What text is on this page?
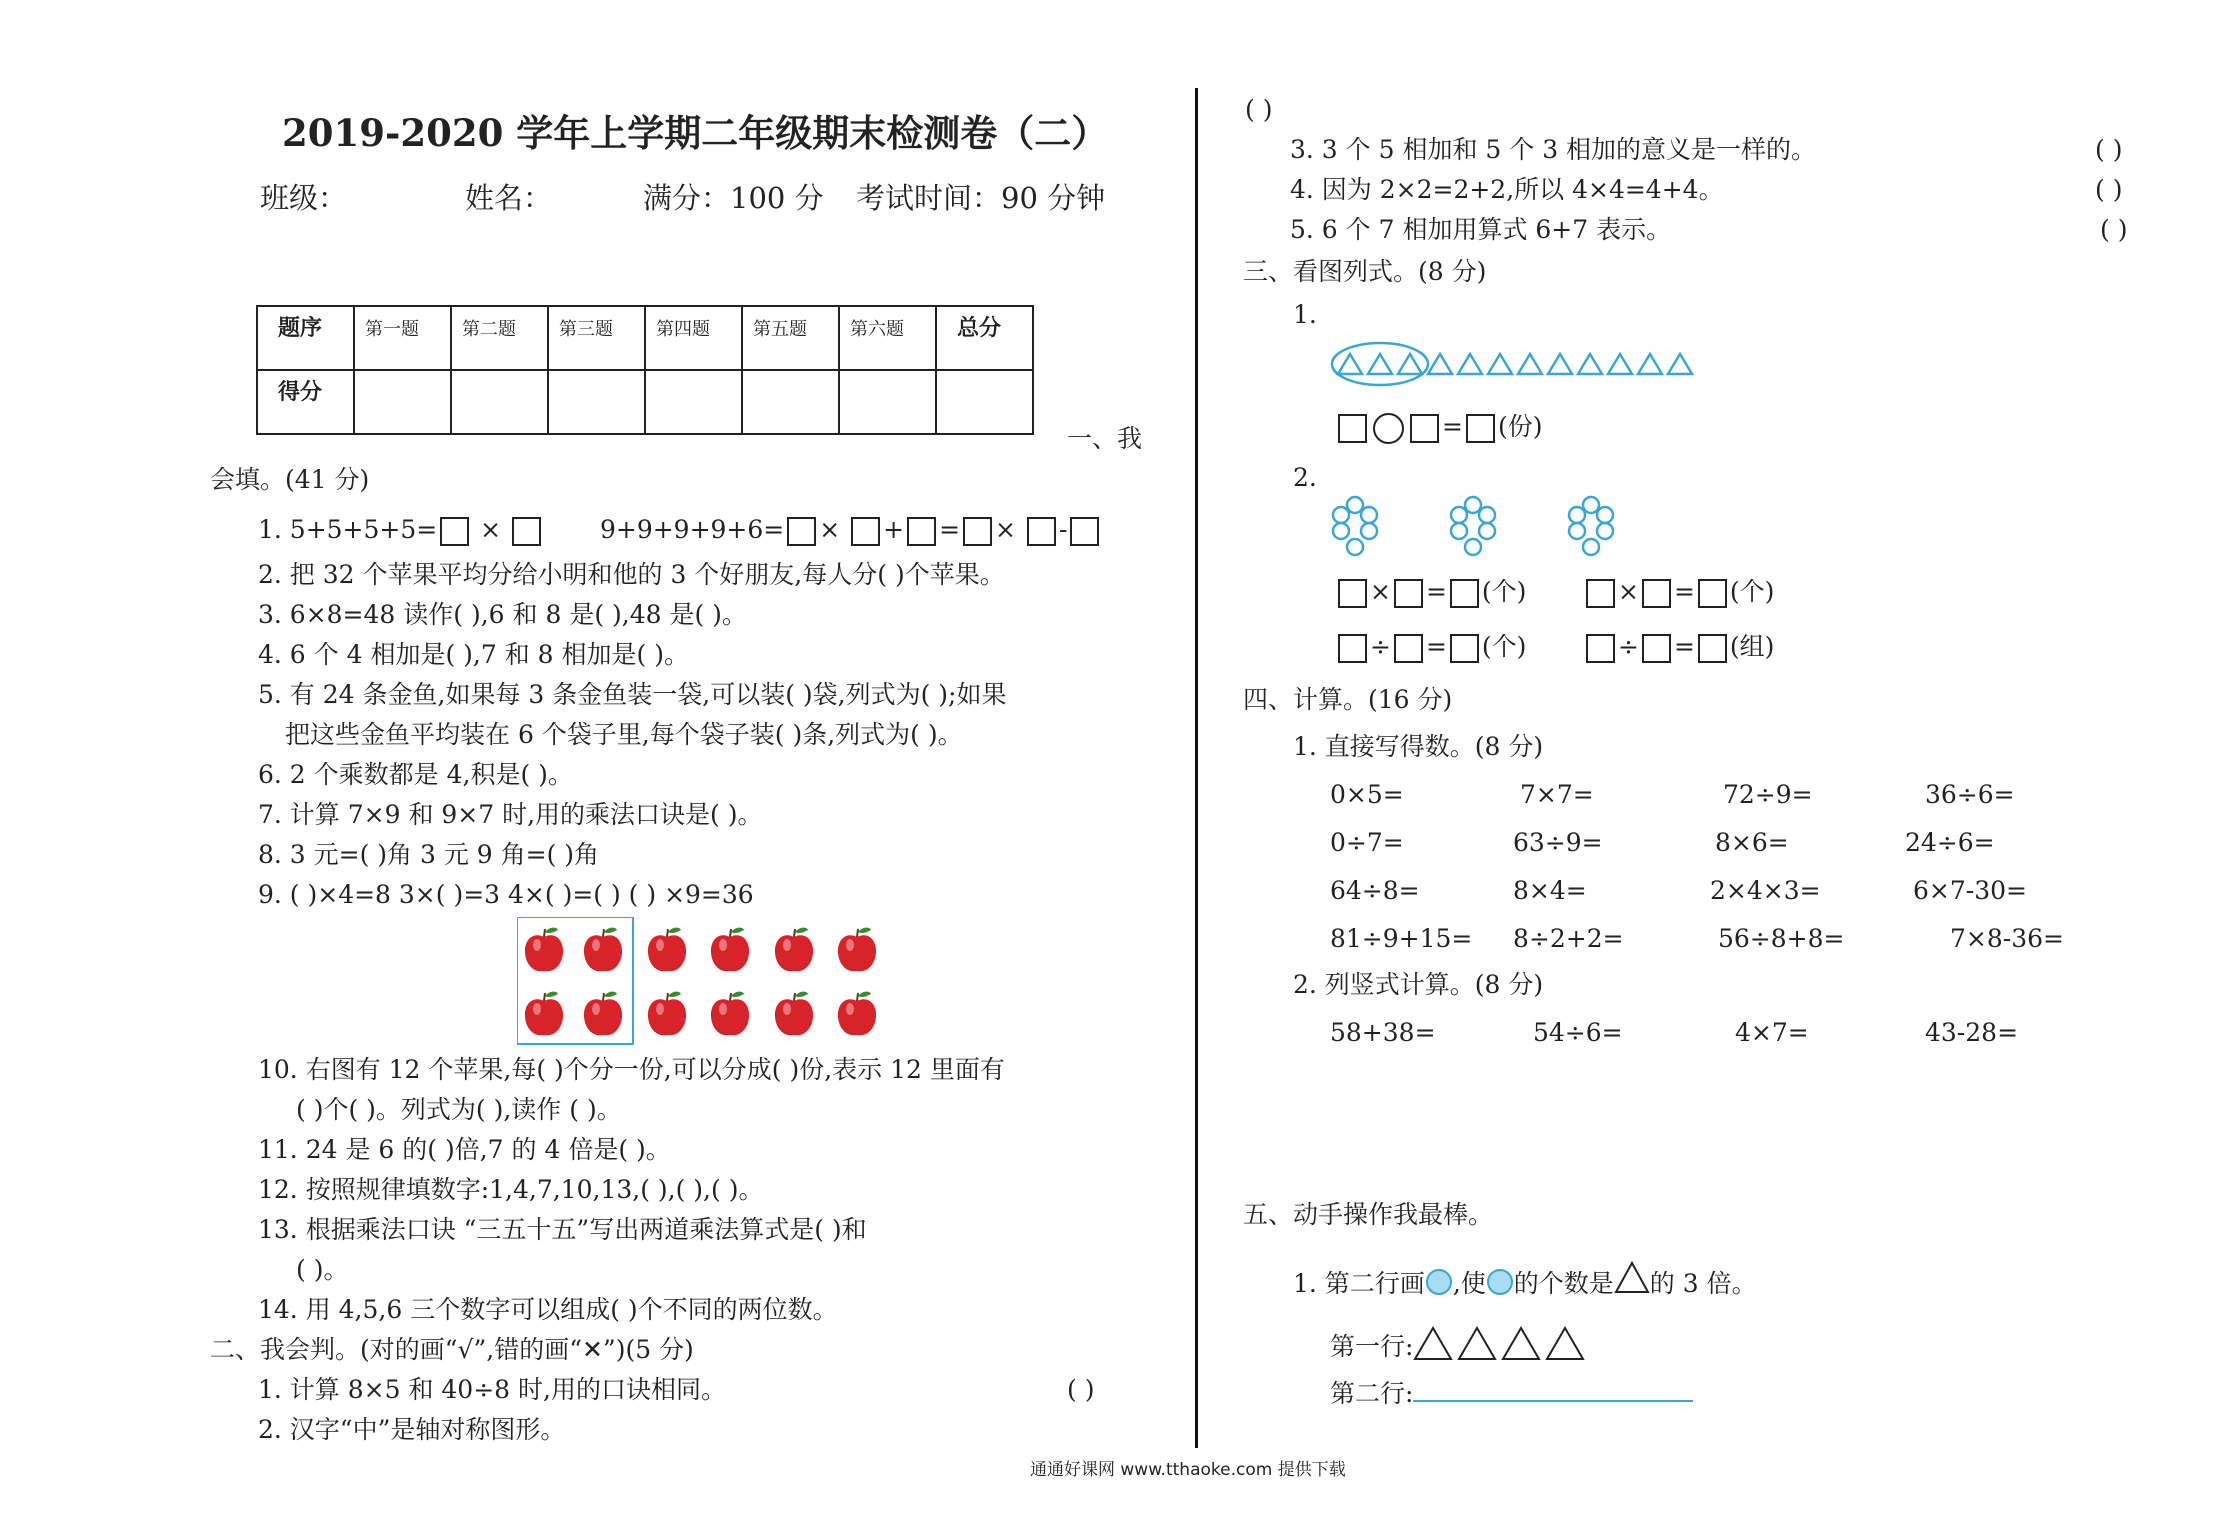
2019-2020 学年上学期二年级期末检测卷（二）
班级：	姓名：	满分：100 分 考试时间：90 分钟
题序	第一题	第二题	第三题	第四题	第五题	第六题	总分

得分							

一、我
会填。(41 分)
1. 5+5+5+5= ×	9+9+9+9+6= × + = × -
2. 把 32 个苹果平均分给小明和他的 3 个好朋友,每人分( )个苹果。
3. 6×8=48 读作( ),6 和 8 是( ),48 是( )。
4. 6 个 4 相加是( ),7 和 8 相加是( )。
5. 有 24 条金鱼,如果每 3 条金鱼装一袋,可以装( )袋,列式为( );如果
把这些金鱼平均装在 6 个袋子里,每个袋子装( )条,列式为( )。
6. 2 个乘数都是 4,积是( )。
7. 计算 7×9 和 9×7 时,用的乘法口诀是( )。
8. 3 元=( )角 3 元 9 角=( )角
9. ( )×4=8 3×( )=3 4×( )=( ) ( ) ×9=36
10. 右图有 12 个苹果,每( )个分一份,可以分成( )份,表示 12 里面有
( )个( )。列式为( ),读作 ( )。
11. 24 是 6 的( )倍,7 的 4 倍是( )。
12. 按照规律填数字:1,4,7,10,13,( ),( ),( )。
13. 根据乘法口诀 “三五十五”写出两道乘法算式是( )和
( )。
14. 用 4,5,6 三个数字可以组成( )个不同的两位数。
二、我会判。(对的画“√”,错的画“✕”)(5 分)
1. 计算 8×5 和 40÷8 时,用的口诀相同。	( )
2. 汉字“中”是轴对称图形。
( )
3. 3 个 5 相加和 5 个 3 相加的意义是一样的。	( )
4. 因为 2×2=2+2,所以 4×4=4+4。	( )
5. 6 个 7 相加用算式 6+7 表示。	( )
三、看图列式。(8 分)
1.
= (份)
2.
× = (个)	× = (个)
÷ = (个)	÷ = (组)
四、计算。(16 分)
1. 直接写得数。(8 分)
0×5=	7×7=	72÷9=	36÷6=
0÷7=	63÷9=	8×6=	24÷6=
64÷8=	8×4=	2×4×3=	6×7-30=
81÷9+15= 8÷2+2=	56÷8+8=	7×8-36=
2. 列竖式计算。(8 分)
58+38=	54÷6=	4×7=	43-28=
五、动手操作我最棒。
1. 第二行画 ,使 的个数是 的 3 倍。
第一行:
第二行:
通通好课网 www.tthaoke.com 提供下载
